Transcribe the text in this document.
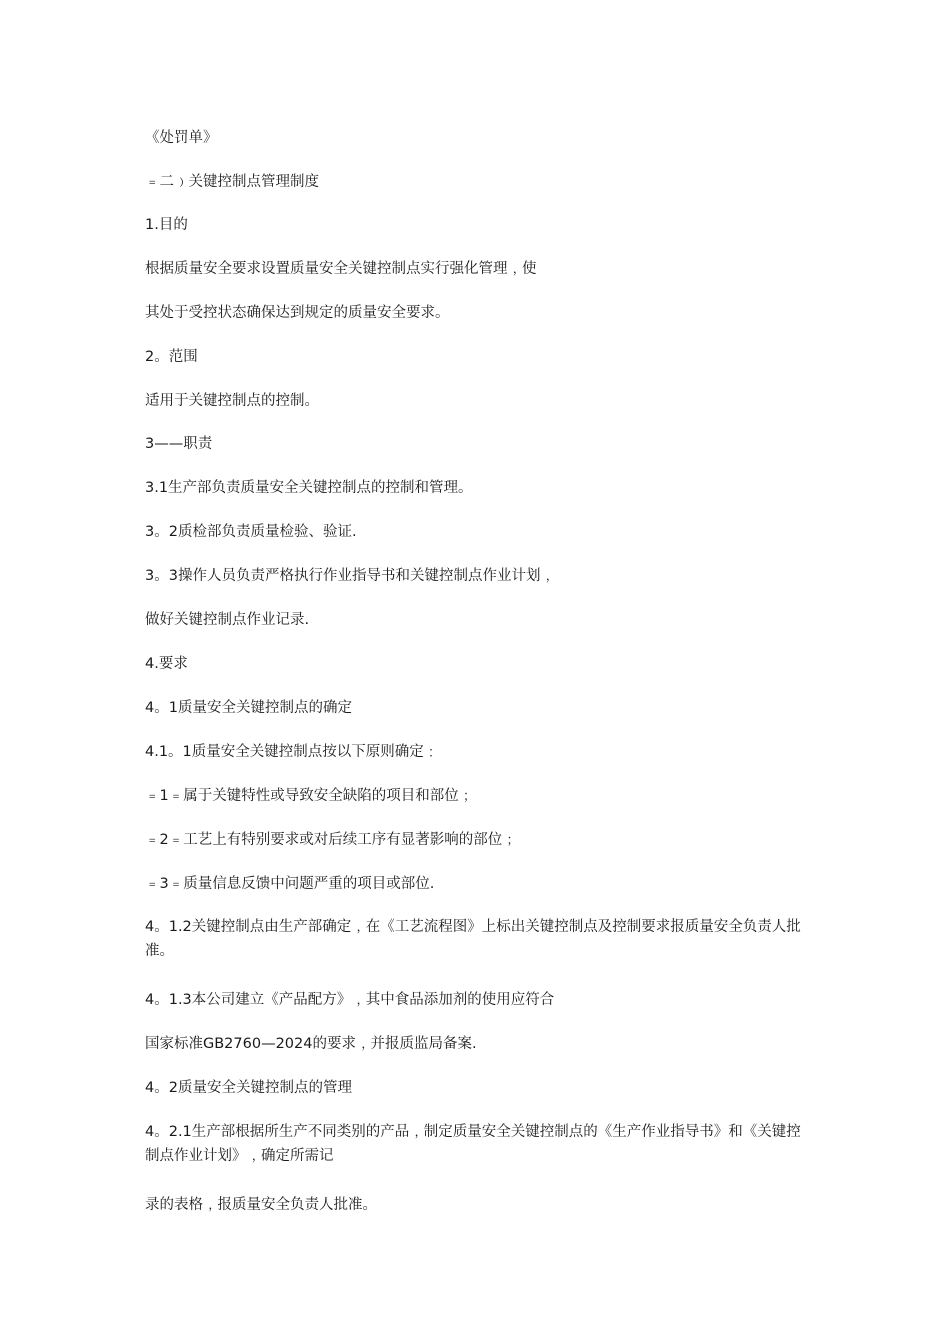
《处罚单》

﹦二﹚关键控制点管理制度

1.目的

根据质量安全要求设置质量安全关键控制点实行强化管理﹐使

其处于受控状态确保达到规定的质量安全要求。

2。范围

适用于关键控制点的控制。

3——职责

3.1生产部负责质量安全关键控制点的控制和管理。

3。2质检部负责质量检验、验证.

3。3操作人员负责严格执行作业指导书和关键控制点作业计划﹐

做好关键控制点作业记录.

4.要求

4。1质量安全关键控制点的确定

4.1。1质量安全关键控制点按以下原则确定﹕

﹦1﹦属于关键特性或导致安全缺陷的项目和部位﹔

﹦2﹦工艺上有特别要求或对后续工序有显著影响的部位﹔

﹦3﹦质量信息反馈中问题严重的项目或部位.

4。1.2关键控制点由生产部确定﹐在《工艺流程图》上标出关键控制点及控制要求报质量安全负责人批准。

4。1.3本公司建立《产品配方》﹐其中食品添加剂的使用应符合

国家标准GB2760—2024的要求﹐并报质监局备案.

4。2质量安全关键控制点的管理

4。2.1生产部根据所生产不同类别的产品﹐制定质量安全关键控制点的《生产作业指导书》和《关键控制点作业计划》﹐确定所需记

录的表格﹐报质量安全负责人批准。
